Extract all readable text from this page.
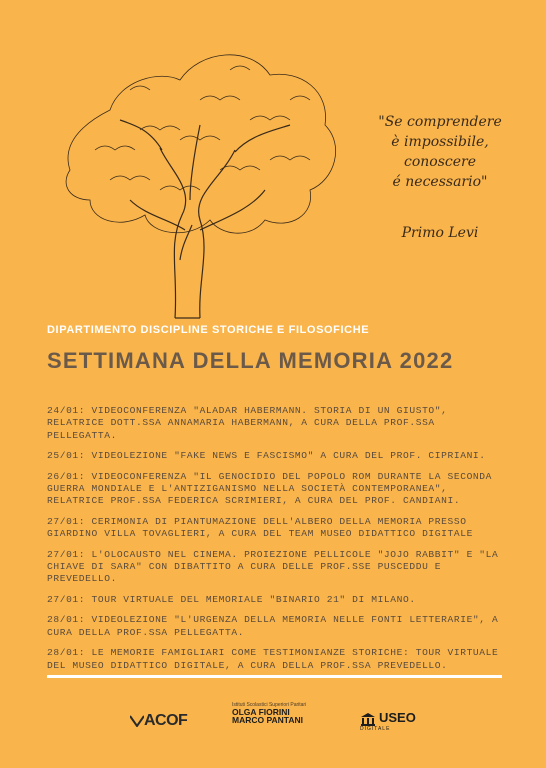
"Se comprendere
è impossibile,
conoscere
é necessario"
Primo Levi
DIPARTIMENTO DISCIPLINE STORICHE E FILOSOFICHE
SETTIMANA DELLA MEMORIA 2022
24/01: VIDEOCONFERENZA "ALADAR HABERMANN. STORIA DI UN GIUSTO", RELATRICE DOTT.SSA ANNAMARIA HABERMANN, A CURA DELLA PROF.SSA PELLEGATTA.
25/01: VIDEOLEZIONE "FAKE NEWS E FASCISMO" A CURA DEL PROF. CIPRIANI.
26/01: VIDEOCONFERENZA "IL GENOCIDIO DEL POPOLO ROM DURANTE LA SECONDA GUERRA MONDIALE E L'ANTIZIGANISMO NELLA SOCIETÀ CONTEMPORANEA", RELATRICE PROF.SSA FEDERICA SCRIMIERI, A CURA DEL PROF. CANDIANI.
27/01: CERIMONIA DI PIANTUMAZIONE DELL'ALBERO DELLA MEMORIA PRESSO GIARDINO VILLA TOVAGLIERI, A CURA DEL TEAM MUSEO DIDATTICO DIGITALE
27/01: L'OLOCAUSTO NEL CINEMA. PROIEZIONE PELLICOLE "JOJO RABBIT" E "LA CHIAVE DI SARA" CON DIBATTITO A CURA DELLE PROF.SSE PUSCEDDU E PREVEDELLO.
27/01: TOUR VIRTUALE DEL MEMORIALE "BINARIO 21" DI MILANO.
28/01: VIDEOLEZIONE "L'URGENZA DELLA MEMORIA NELLE FONTI LETTERARIE", A CURA DELLA PROF.SSA PELLEGATTA.
28/01: LE MEMORIE FAMIGLIARI COME TESTIMONIANZE STORICHE: TOUR VIRTUALE DEL MUSEO DIDATTICO DIGITALE, A CURA DELLA PROF.SSA PREVEDELLO.
ACOF
Istituti Scolastici Superiori Paritari
OLGA FIORINI
MARCO PANTANI	USEO
DIGITALE
